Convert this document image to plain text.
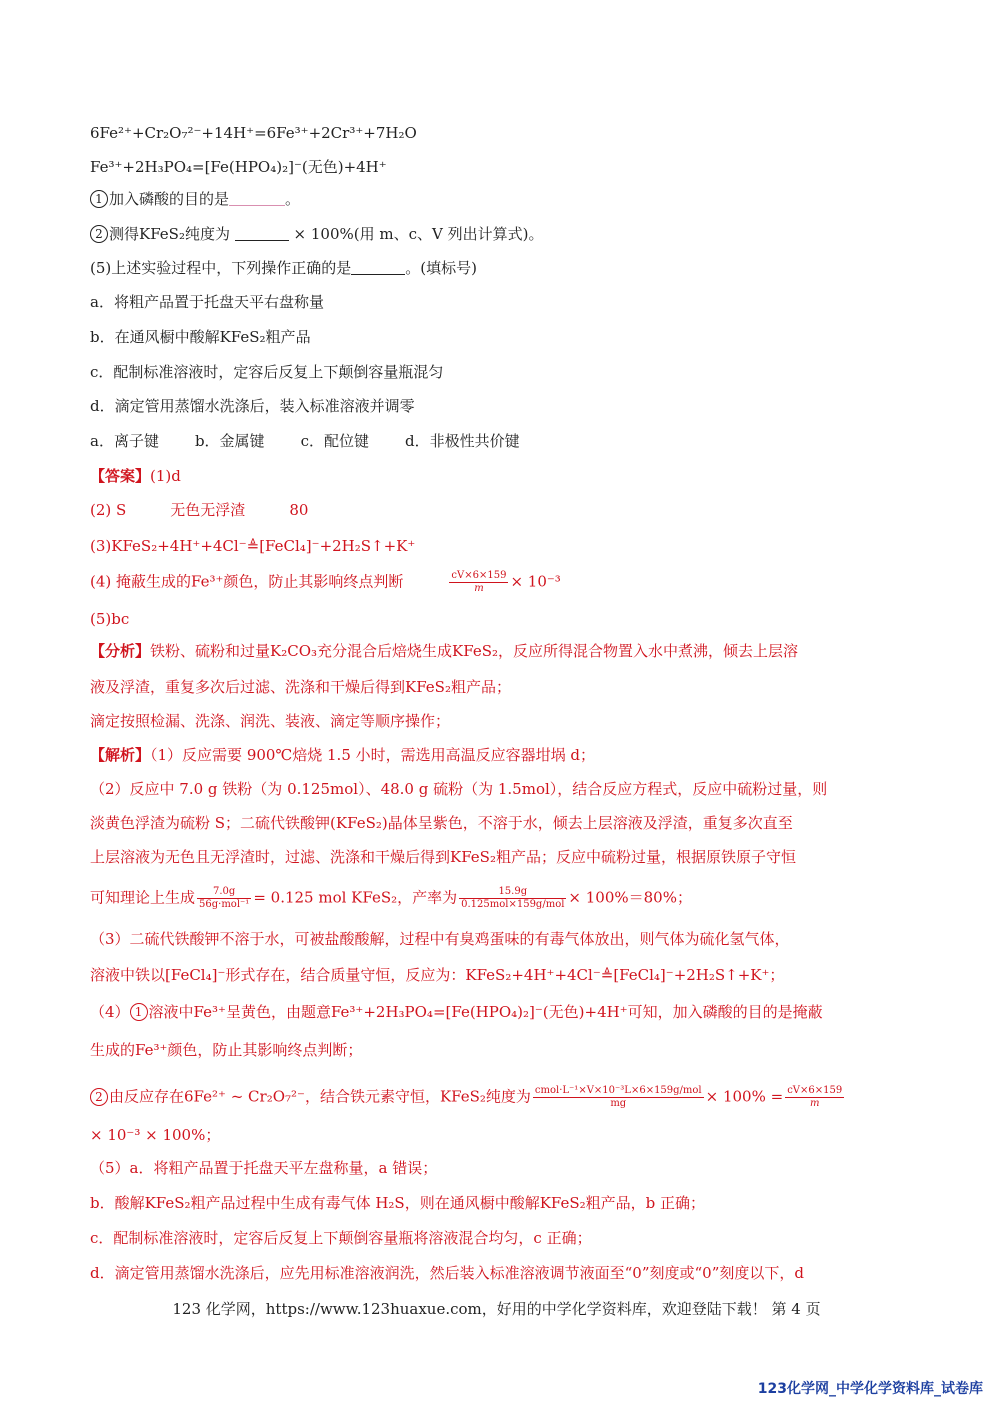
6Fe²⁺+Cr₂O₇²⁻+14H⁺=6Fe³⁺+2Cr³⁺+7H₂O
Fe³⁺+2H₃PO₄=[Fe(HPO₄)₂]⁻(无色)+4H⁺
1 加入磷酸的目的是	。
2 测得KFeS₂纯度为	× 100%(用 m、c、V 列出计算式)。
(5)上述实验过程中，下列操作正确的是	。(填标号)
a．将粗产品置于托盘天平右盘称量
b．在通风橱中酸解KFeS₂粗产品
c．配制标准溶液时，定容后反复上下颠倒容量瓶混匀
d．滴定管用蒸馏水洗涤后，装入标准溶液并调零
a．离子键 b．金属键 c．配位键 d．非极性共价键
【答案】(1)d
(2) S	无色无浮渣	80
(3)KFeS₂+4H⁺+4Cl⁻≜[FeCl₄]⁻+2H₂S↑+K⁺
(4) 掩蔽生成的Fe³⁺颜色，防止其影响终点判断	$\frac{cV\times 6\times 159}{m} \times 10^{-3}$
(5)bc
【分析】铁粉、硫粉和过量K₂CO₃充分混合后焙烧生成KFeS₂，反应所得混合物置入水中煮沸，倾去上层溶
液及浮渣，重复多次后过滤、洗涤和干燥后得到KFeS₂粗产品；
滴定按照检漏、洗涤、润洗、装液、滴定等顺序操作；
【解析】（1）反应需要 900℃焙烧 1.5 小时，需选用高温反应容器坩埚 d；
（2）反应中 7.0 g 铁粉（为 0.125mol）、48.0 g 硫粉（为 1.5mol），结合反应方程式，反应中硫粉过量，则
淡黄色浮渣为硫粉 S；二硫代铁酸钾(KFeS₂)晶体呈紫色，不溶于水，倾去上层溶液及浮渣，重复多次直至
上层溶液为无色且无浮渣时，过滤、洗涤和干燥后得到KFeS₂粗产品；反应中硫粉过量，根据原铁原子守恒
可知理论上生成 $\frac{7.0g}{\text{56g·mol⁻¹}} = 0.125$ mol KFeS₂，产率为 $\frac{15.9g}{\text{0.125mol×159g/mol}} \times 100\%=80\%$；
（3）二硫代铁酸钾不溶于水，可被盐酸酸解，过程中有臭鸡蛋味的有毒气体放出，则气体为硫化氢气体，
溶液中铁以[FeCl₄]⁻形式存在，结合质量守恒，反应为：KFeS₂+4H⁺+4Cl⁻≜[FeCl₄]⁻+2H₂S↑+K⁺；
（4） 1 溶液中Fe³⁺呈黄色，由题意Fe³⁺+2H₃PO₄=[Fe(HPO₄)₂]⁻(无色)+4H⁺可知，加入磷酸的目的是掩蔽
生成的Fe³⁺颜色，防止其影响终点判断；
2 由反应存在6Fe²⁺ ~ Cr₂O₇²⁻，结合铁元素守恒，KFeS₂纯度为 $\frac{\text{cmol·L⁻¹×V×10⁻³L×6×159g/mol}}{mg} \times 100\% = \frac{cV\times 6\times 159}{m}$
× 10⁻³ × 100%；
（5）a．将粗产品置于托盘天平左盘称量，a 错误；
b．酸解KFeS₂粗产品过程中生成有毒气体 H₂S，则在通风橱中酸解KFeS₂粗产品，b 正确；
c．配制标准溶液时，定容后反复上下颠倒容量瓶将溶液混合均匀，c 正确；
d．滴定管用蒸馏水洗涤后，应先用标准溶液润洗，然后装入标准溶液调节液面至“0”刻度或“0”刻度以下，d
123 化学网，https://www.123huaxue.com，好用的中学化学资料库，欢迎登陆下载！ 第 4 页
123化学网_中学化学资料库_试卷库
